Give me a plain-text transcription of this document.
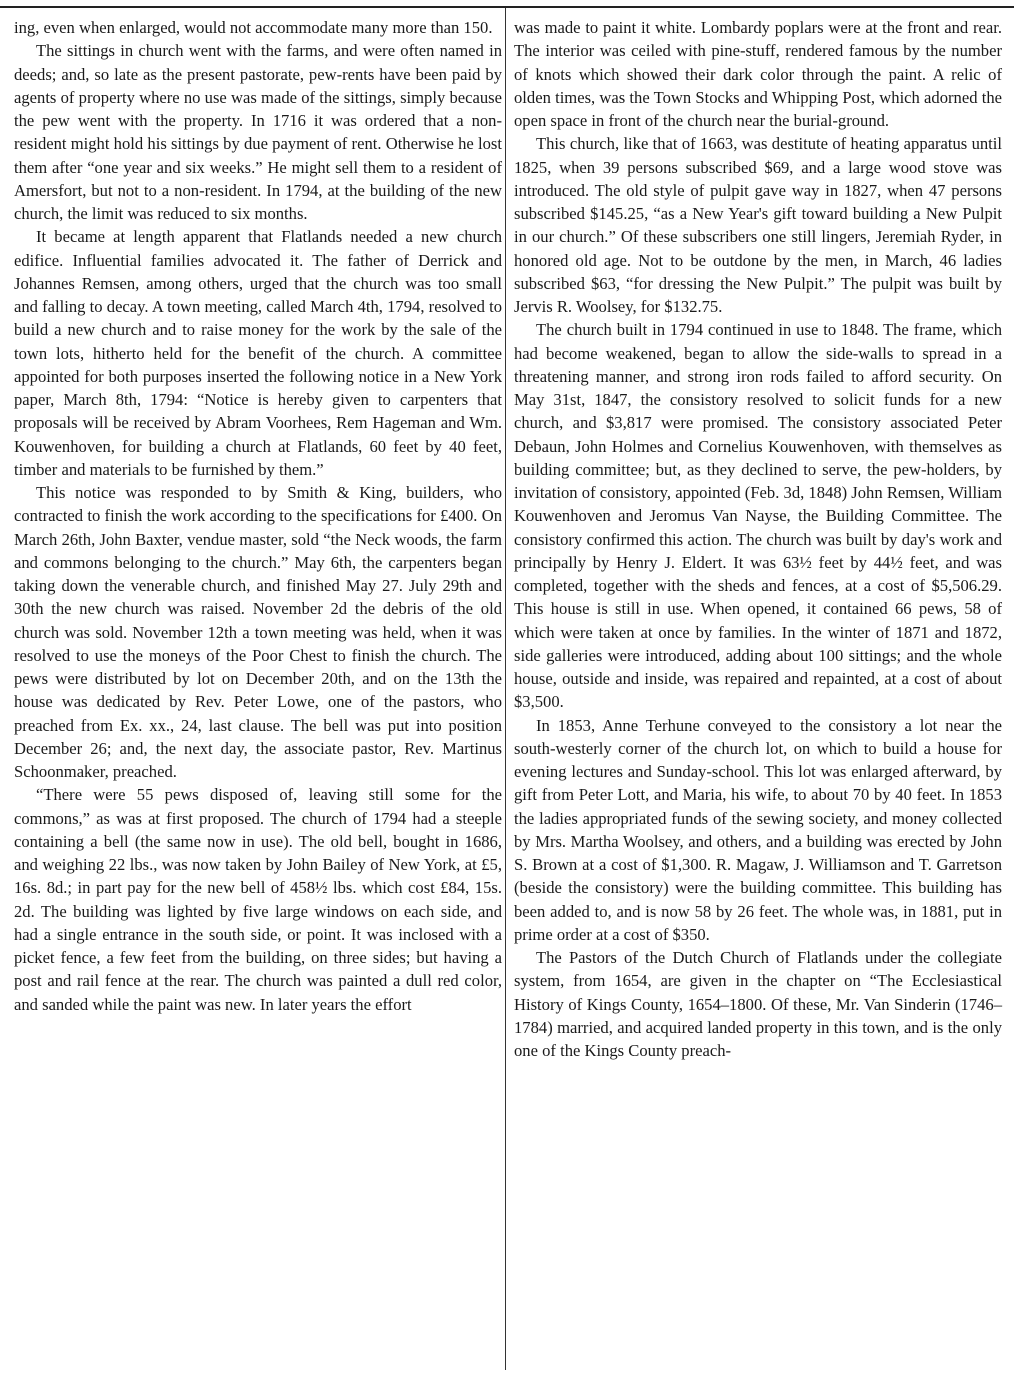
ing, even when enlarged, would not accommodate many more than 150.

The sittings in church went with the farms, and were often named in deeds; and, so late as the present pastorate, pew-rents have been paid by agents of property where no use was made of the sittings, simply because the pew went with the property. In 1716 it was ordered that a non-resident might hold his sittings by due payment of rent. Otherwise he lost them after “one year and six weeks.” He might sell them to a resident of Amersfort, but not to a non-resident. In 1794, at the building of the new church, the limit was reduced to six months.

It became at length apparent that Flatlands needed a new church edifice. Influential families advocated it. The father of Derrick and Johannes Remsen, among others, urged that the church was too small and falling to decay. A town meeting, called March 4th, 1794, resolved to build a new church and to raise money for the work by the sale of the town lots, hitherto held for the benefit of the church. A committee appointed for both purposes inserted the following notice in a New York paper, March 8th, 1794: “Notice is hereby given to carpenters that proposals will be received by Abram Voorhees, Rem Hageman and Wm. Kouwenhoven, for building a church at Flatlands, 60 feet by 40 feet, timber and materials to be furnished by them.”

This notice was responded to by Smith & King, builders, who contracted to finish the work according to the specifications for £400. On March 26th, John Baxter, vendue master, sold “the Neck woods, the farm and commons belonging to the church.” May 6th, the carpenters began taking down the venerable church, and finished May 27. July 29th and 30th the new church was raised. November 2d the debris of the old church was sold. November 12th a town meeting was held, when it was resolved to use the moneys of the Poor Chest to finish the church. The pews were distributed by lot on December 20th, and on the 13th the house was dedicated by Rev. Peter Lowe, one of the pastors, who preached from Ex. xx., 24, last clause. The bell was put into position December 26; and, the next day, the associate pastor, Rev. Martinus Schoonmaker, preached.

“There were 55 pews disposed of, leaving still some for the commons,” as was at first proposed. The church of 1794 had a steeple containing a bell (the same now in use). The old bell, bought in 1686, and weighing 22 lbs., was now taken by John Bailey of New York, at £5, 16s. 8d.; in part pay for the new bell of 458½ lbs. which cost £84, 15s. 2d. The building was lighted by five large windows on each side, and had a single entrance in the south side, or point. It was inclosed with a picket fence, a few feet from the building, on three sides; but having a post and rail fence at the rear. The church was painted a dull red color, and sanded while the paint was new. In later years the effort

was made to paint it white. Lombardy poplars were at the front and rear. The interior was ceiled with pine-stuff, rendered famous by the number of knots which showed their dark color through the paint. A relic of olden times, was the Town Stocks and Whipping Post, which adorned the open space in front of the church near the burial-ground.

This church, like that of 1663, was destitute of heating apparatus until 1825, when 39 persons subscribed $69, and a large wood stove was introduced. The old style of pulpit gave way in 1827, when 47 persons subscribed $145.25, “as a New Year's gift toward building a New Pulpit in our church.” Of these subscribers one still lingers, Jeremiah Ryder, in honored old age. Not to be outdone by the men, in March, 46 ladies subscribed $63, “for dressing the New Pulpit.” The pulpit was built by Jervis R. Woolsey, for $132.75.

The church built in 1794 continued in use to 1848. The frame, which had become weakened, began to allow the side-walls to spread in a threatening manner, and strong iron rods failed to afford security. On May 31st, 1847, the consistory resolved to solicit funds for a new church, and $3,817 were promised. The consistory associated Peter Debaun, John Holmes and Cornelius Kouwenhoven, with themselves as building committee; but, as they declined to serve, the pew-holders, by invitation of consistory, appointed (Feb. 3d, 1848) John Remsen, William Kouwenhoven and Jeromus Van Nayse, the Building Committee. The consistory confirmed this action. The church was built by day's work and principally by Henry J. Eldert. It was 63½ feet by 44½ feet, and was completed, together with the sheds and fences, at a cost of $5,506.29. This house is still in use. When opened, it contained 66 pews, 58 of which were taken at once by families. In the winter of 1871 and 1872, side galleries were introduced, adding about 100 sittings; and the whole house, outside and inside, was repaired and repainted, at a cost of about $3,500.

In 1853, Anne Terhune conveyed to the consistory a lot near the south-westerly corner of the church lot, on which to build a house for evening lectures and Sunday-school. This lot was enlarged afterward, by gift from Peter Lott, and Maria, his wife, to about 70 by 40 feet. In 1853 the ladies appropriated funds of the sewing society, and money collected by Mrs. Martha Woolsey, and others, and a building was erected by John S. Brown at a cost of $1,300. R. Magaw, J. Williamson and T. Garretson (beside the consistory) were the building committee. This building has been added to, and is now 58 by 26 feet. The whole was, in 1881, put in prime order at a cost of $350.

The Pastors of the Dutch Church of Flatlands under the collegiate system, from 1654, are given in the chapter on “The Ecclesiastical History of Kings County, 1654–1800. Of these, Mr. Van Sinderin (1746–1784) married, and acquired landed property in this town, and is the only one of the Kings County preach-
